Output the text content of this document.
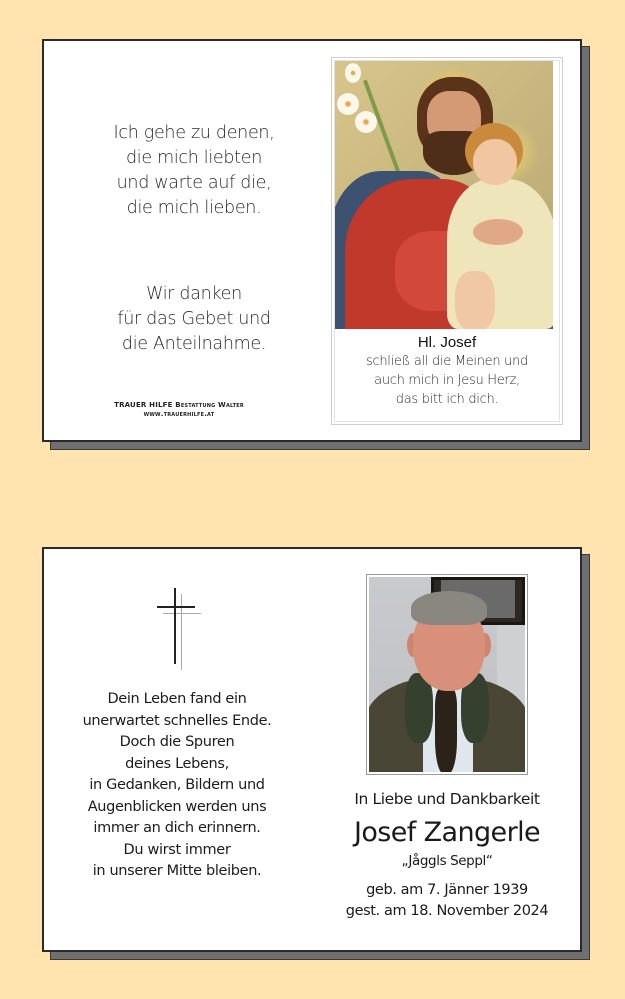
Ich gehe zu denen,
die mich liebten
und warte auf die,
die mich lieben.
Wir danken
für das Gebet und
die Anteilnahme.
TRAUER HILFE Bestattung Walter
www.trauerhilfe.at
Hl. Josef
schließ all die Meinen und
auch mich in Jesu Herz,
das bitt ich dich.
Dein Leben fand ein
unerwartet schnelles Ende.
Doch die Spuren
deines Lebens,
in Gedanken, Bildern und
Augenblicken werden uns
immer an dich erinnern.
Du wirst immer
in unserer Mitte bleiben.
In Liebe und Dankbarkeit
Josef Zangerle
„Jåggls Seppl“
geb. am 7. Jänner 1939
gest. am 18. November 2024
